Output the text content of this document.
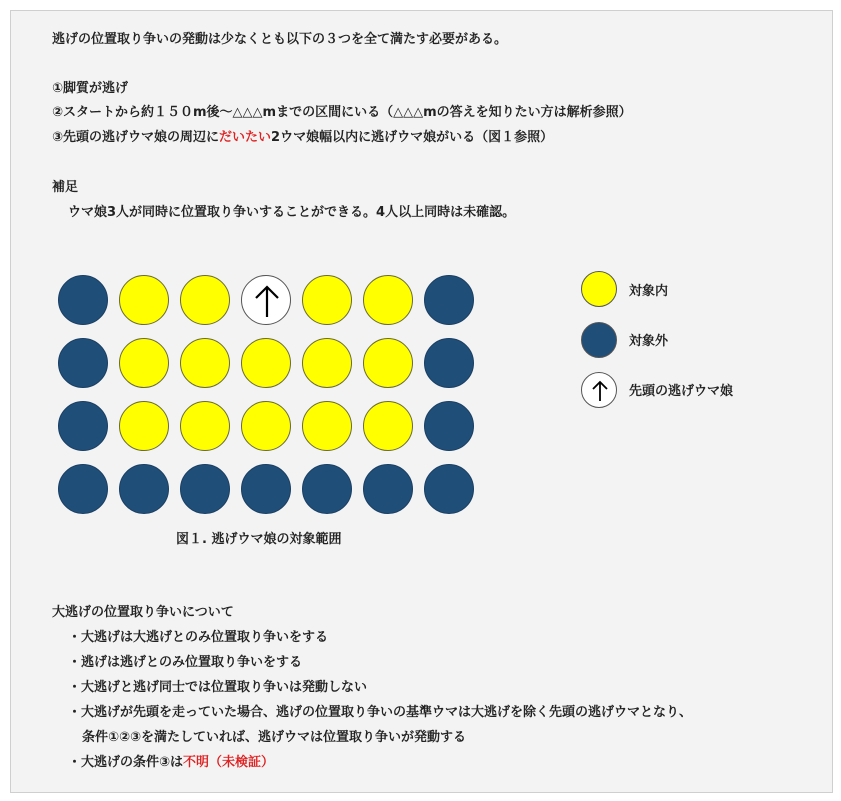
逃げの位置取り争いの発動は少なくとも以下の３つを全て満たす必要がある。
①脚質が逃げ
②スタートから約１５０m後～△△△mまでの区間にいる（△△△mの答えを知りたい方は解析参照）
③先頭の逃げウマ娘の周辺にだいたい2ウマ娘幅以内に逃げウマ娘がいる（図１参照）
補足
ウマ娘3人が同時に位置取り争いすることができる。4人以上同時は未確認。
対象内
対象外
先頭の逃げウマ娘
図１. 逃げウマ娘の対象範囲
大逃げの位置取り争いについて
・大逃げは大逃げとのみ位置取り争いをする
・逃げは逃げとのみ位置取り争いをする
・大逃げと逃げ同士では位置取り争いは発動しない
・大逃げが先頭を走っていた場合、逃げの位置取り争いの基準ウマは大逃げを除く先頭の逃げウマとなり、
条件①②③を満たしていれば、逃げウマは位置取り争いが発動する
・大逃げの条件③は不明（未検証）
